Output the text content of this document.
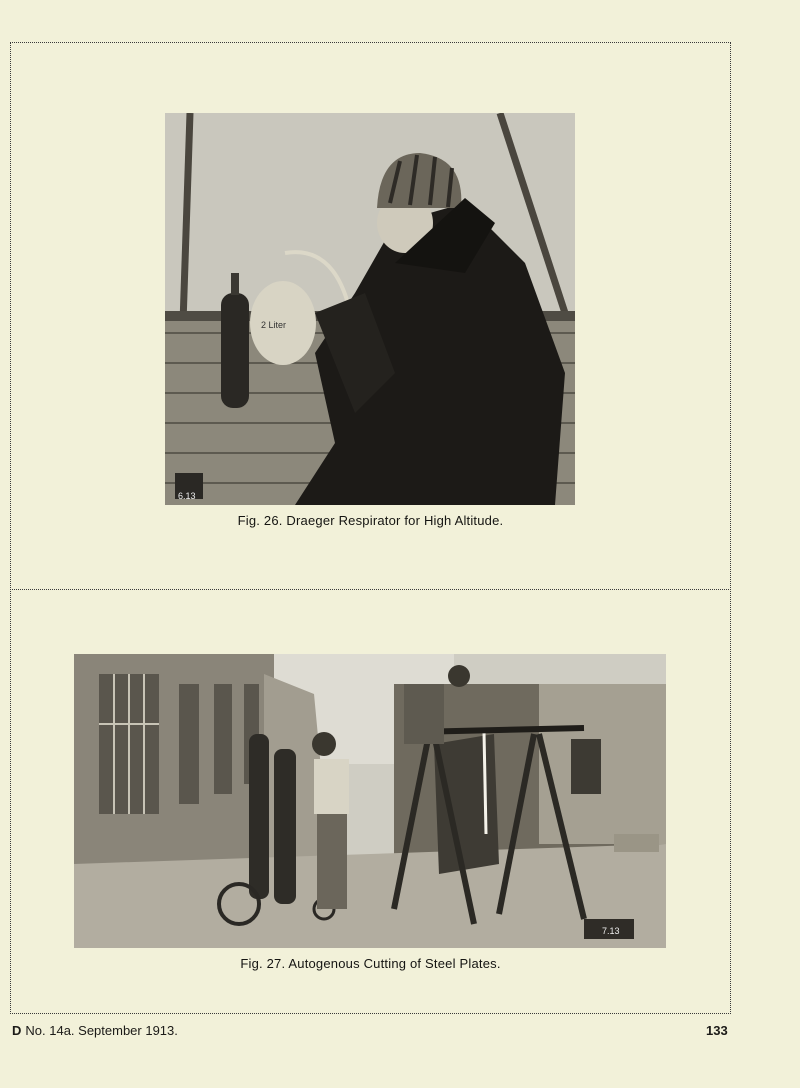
2 Liter
6.13
Fig. 26. Draeger Respirator for High Altitude.
7.13
Fig. 27. Autogenous Cutting of Steel Plates.
D No. 14a. September 1913.	133
